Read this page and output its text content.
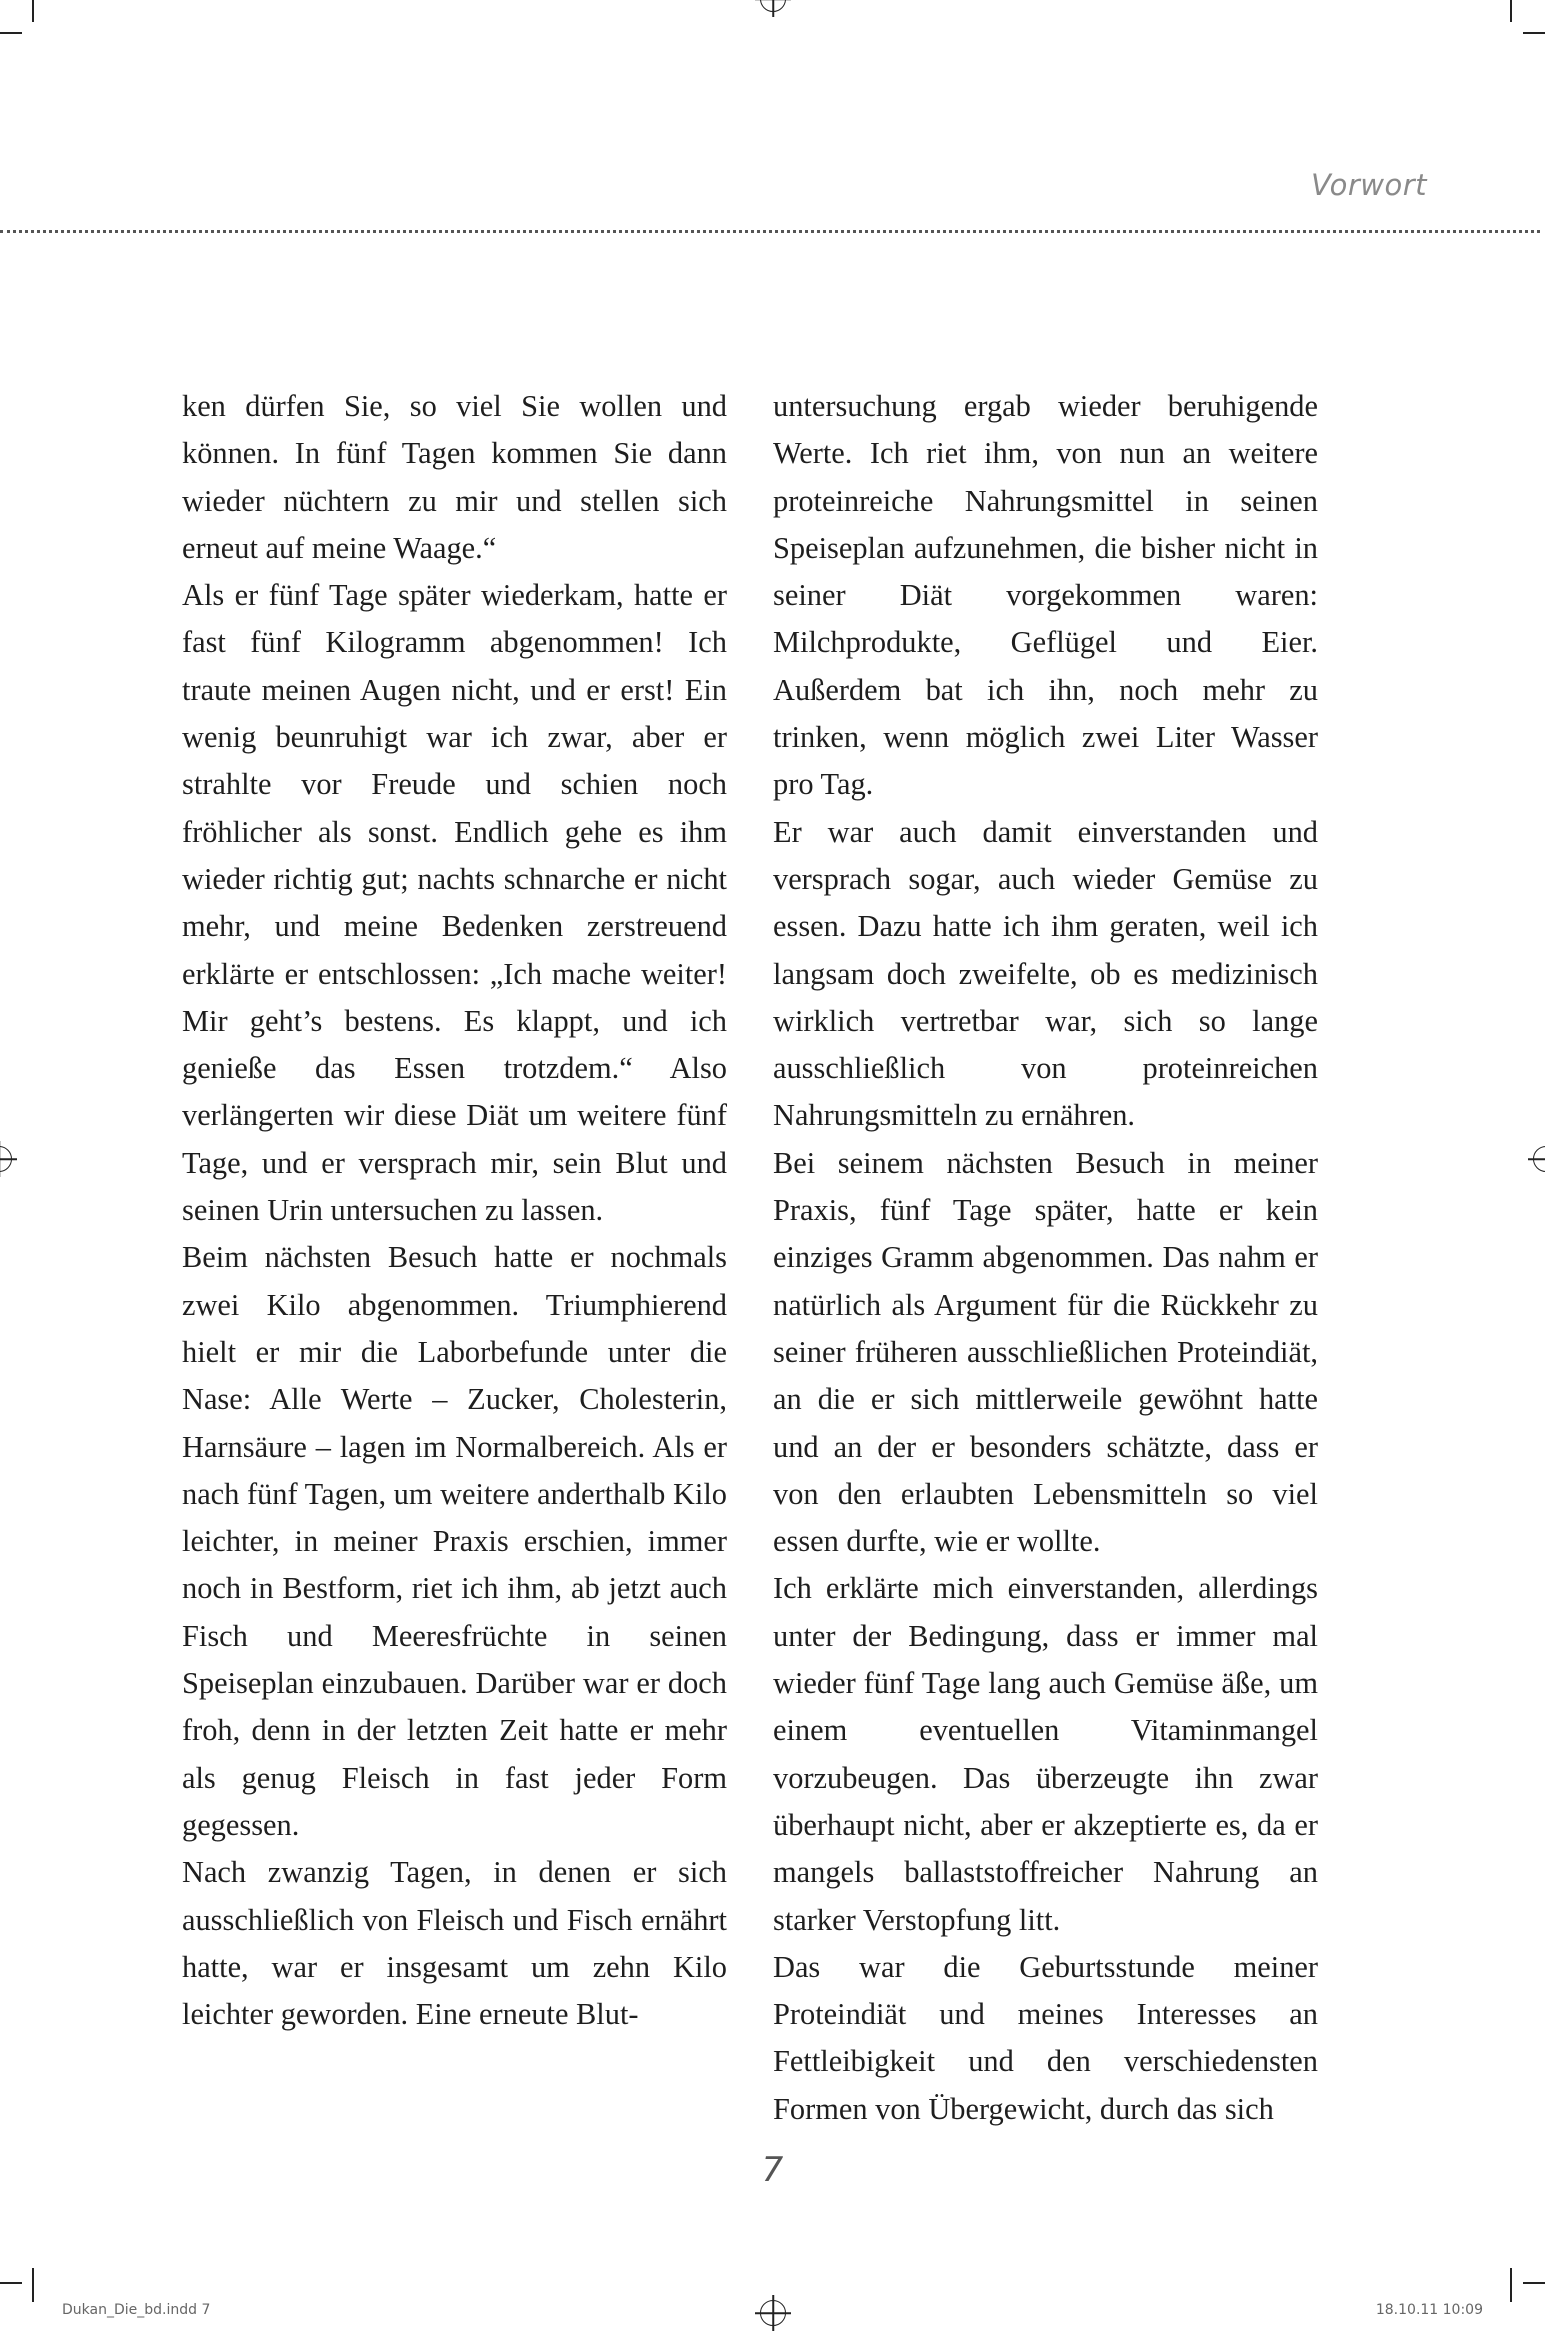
Vorwort

ken dürfen Sie, so viel Sie wollen und können. In fünf Tagen kommen Sie dann wieder nüchtern zu mir und stellen sich erneut auf meine Waage.“

Als er fünf Tage später wiederkam, hatte er fast fünf Kilogramm abgenommen! Ich traute meinen Augen nicht, und er erst! Ein wenig beunruhigt war ich zwar, aber er strahlte vor Freude und schien noch fröhlicher als sonst. Endlich gehe es ihm wieder richtig gut; nachts schnarche er nicht mehr, und meine Bedenken zerstreuend erklärte er entschlossen: „Ich mache weiter! Mir geht’s bestens. Es klappt, und ich genieße das Essen trotzdem.“ Also verlängerten wir diese Diät um weitere fünf Tage, und er versprach mir, sein Blut und seinen Urin untersuchen zu lassen.

Beim nächsten Besuch hatte er nochmals zwei Kilo abgenommen. Triumphierend hielt er mir die Laborbefunde unter die Nase: Alle Werte – Zucker, Cholesterin, Harnsäure – lagen im Normalbereich. Als er nach fünf Tagen, um weitere anderthalb Kilo leichter, in meiner Praxis erschien, immer noch in Bestform, riet ich ihm, ab jetzt auch Fisch und Meeresfrüchte in seinen Speiseplan einzubauen. Darüber war er doch froh, denn in der letzten Zeit hatte er mehr als genug Fleisch in fast jeder Form gegessen.

Nach zwanzig Tagen, in denen er sich ausschließlich von Fleisch und Fisch ernährt hatte, war er insgesamt um zehn Kilo leichter geworden. Eine erneute Blut-

untersuchung ergab wieder beruhigende Werte. Ich riet ihm, von nun an weitere proteinreiche Nahrungsmittel in seinen Speiseplan aufzunehmen, die bisher nicht in seiner Diät vorgekommen waren: Milchprodukte, Geflügel und Eier. Außerdem bat ich ihn, noch mehr zu trinken, wenn möglich zwei Liter Wasser pro Tag.

Er war auch damit einverstanden und versprach sogar, auch wieder Gemüse zu essen. Dazu hatte ich ihm geraten, weil ich langsam doch zweifelte, ob es medizinisch wirklich vertretbar war, sich so lange ausschließlich von proteinreichen Nahrungsmitteln zu ernähren.

Bei seinem nächsten Besuch in meiner Praxis, fünf Tage später, hatte er kein einziges Gramm abgenommen. Das nahm er natürlich als Argument für die Rückkehr zu seiner früheren ausschließlichen Proteindiät, an die er sich mittlerweile gewöhnt hatte und an der er besonders schätzte, dass er von den erlaubten Lebensmitteln so viel essen durfte, wie er wollte.

Ich erklärte mich einverstanden, allerdings unter der Bedingung, dass er immer mal wieder fünf Tage lang auch Gemüse äße, um einem eventuellen Vitaminmangel vorzubeugen. Das überzeugte ihn zwar überhaupt nicht, aber er akzeptierte es, da er mangels ballaststoffreicher Nahrung an starker Verstopfung litt.

Das war die Geburtsstunde meiner Proteindiät und meines Interesses an Fettleibigkeit und den verschiedensten Formen von Übergewicht, durch das sich

7
Dukan_Die_bd.indd 7	18.10.11 10:09
